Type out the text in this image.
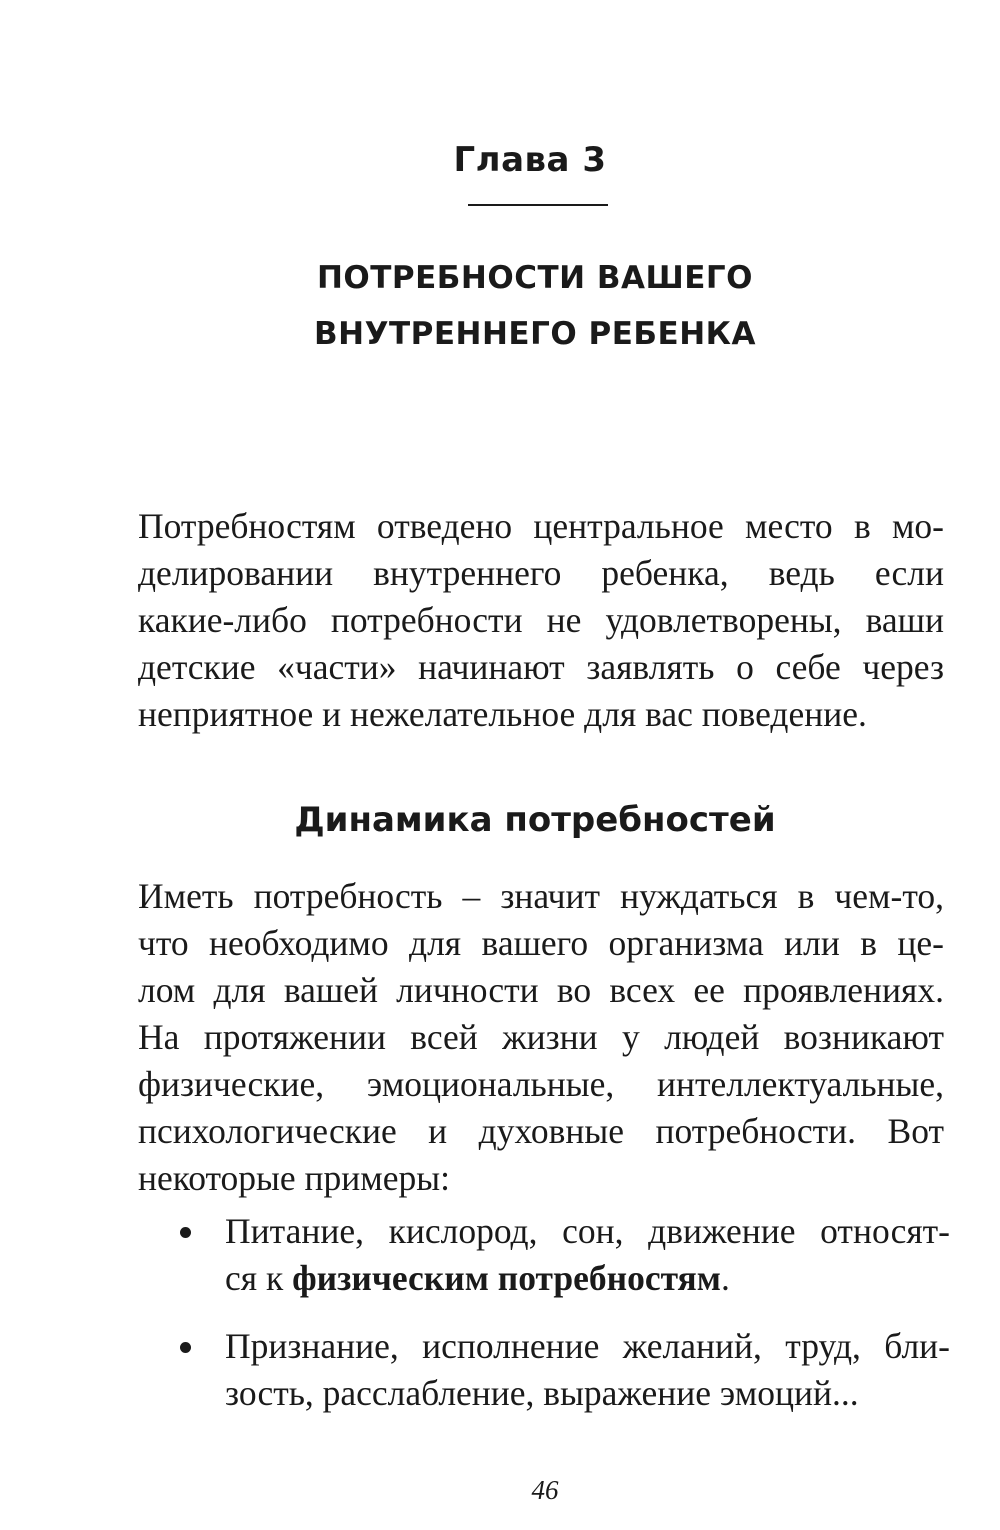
Глава 3
ПОТРЕБНОСТИ ВАШЕГО
ВНУТРЕННЕГО РЕБЕНКА
Потребностям отведено центральное место в мо-
делировании внутреннего ребенка, ведь если
какие-либо потребности не удовлетворены, ваши
детские «части» начинают заявлять о себе через
неприятное и нежелательное для вас поведение.
Динамика потребностей
Иметь потребность – значит нуждаться в чем-то,
что необходимо для вашего организма или в це-
лом для вашей личности во всех ее проявлениях.
На протяжении всей жизни у людей возникают
физические, эмоциональные, интеллектуальные,
психологические и духовные потребности. Вот
некоторые примеры:
Питание, кислород, сон, движение относят-
ся к физическим потребностям.
Признание, исполнение желаний, труд, бли-
зость, расслабление, выражение эмоций...
46
